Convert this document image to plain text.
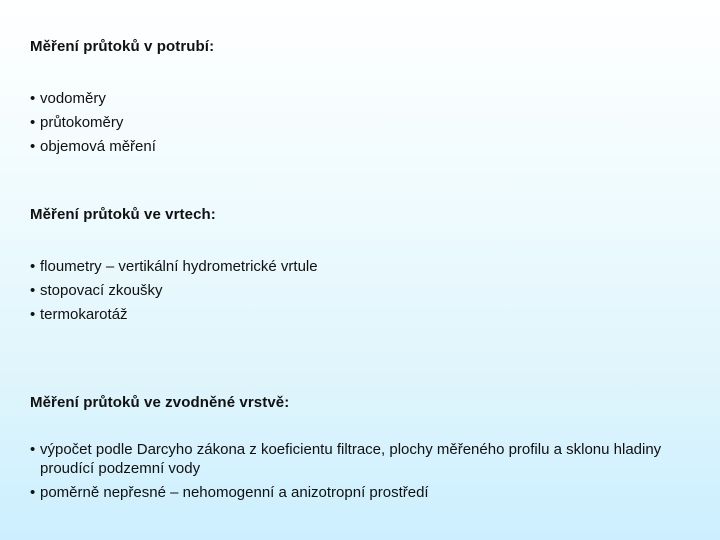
Měření průtoků v potrubí:

• vodoměry
• průtokoměry
• objemová měření

Měření průtoků ve vrtech:

• floumetry – vertikální hydrometrické vrtule
• stopovací zkoušky
• termokarotáž

Měření průtoků ve zvodněné vrstvě:

• výpočet podle Darcyho zákona z koeficientu filtrace, plochy měřeného profilu a sklonu hladiny proudící podzemní vody
• poměrně nepřesné – nehomogenní a anizotropní prostředí
